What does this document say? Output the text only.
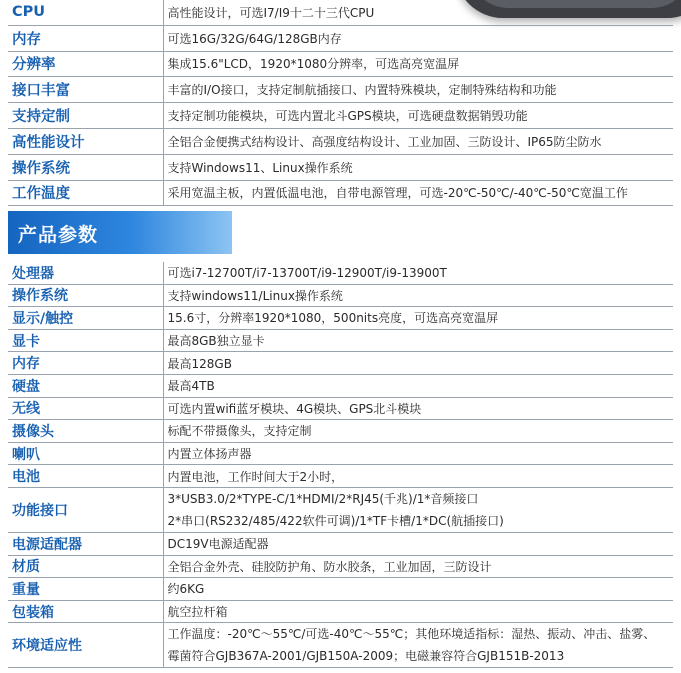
CPU	高性能设计，可选I7/I9十二十三代CPU
内存	可选16G/32G/64G/128GB内存
分辨率	集成15.6"LCD，1920*1080分辨率，可选高亮宽温屏
接口丰富	丰富的I/O接口，支持定制航插接口、内置特殊模块，定制特殊结构和功能
支持定制	支持定制功能模块，可选内置北斗GPS模块，可选硬盘数据销毁功能
高性能设计	全铝合金便携式结构设计、高强度结构设计、工业加固、三防设计、IP65防尘防水
操作系统	支持Windows11、Linux操作系统
工作温度	采用宽温主板，内置低温电池，自带电源管理，可选-20℃-50℃/-40℃-50℃宽温工作
产品参数
处理器	可选i7-12700T/i7-13700T/i9-12900T/i9-13900T

操作系统	支持windows11/Linux操作系统

显示/触控	15.6寸，分辨率1920*1080，500nits亮度，可选高亮宽温屏

显卡	最高8GB独立显卡

内存	最高128GB

硬盘	最高4TB

无线	可选内置wifi蓝牙模块、4G模块、GPS北斗模块

摄像头	标配不带摄像头，支持定制

喇叭	内置立体扬声器

电池	内置电池，工作时间大于2小时，

功能接口	3*USB3.0/2*TYPE-C/1*HDMI/2*RJ45(千兆)/1*音频接口
2*串口(RS232/485/422软件可调)/1*TF卡槽/1*DC(航插接口)

电源适配器	DC19V电源适配器

材质	全铝合金外壳、硅胶防护角、防水胶条，工业加固，三防设计

重量	约6KG

包装箱	航空拉杆箱

环境适应性	工作温度：-20℃～55℃/可选-40℃～55℃；其他环境适指标：湿热、振动、冲击、盐雾、
霉菌符合GJB367A-2001/GJB150A-2009；电磁兼容符合GJB151B-2013
